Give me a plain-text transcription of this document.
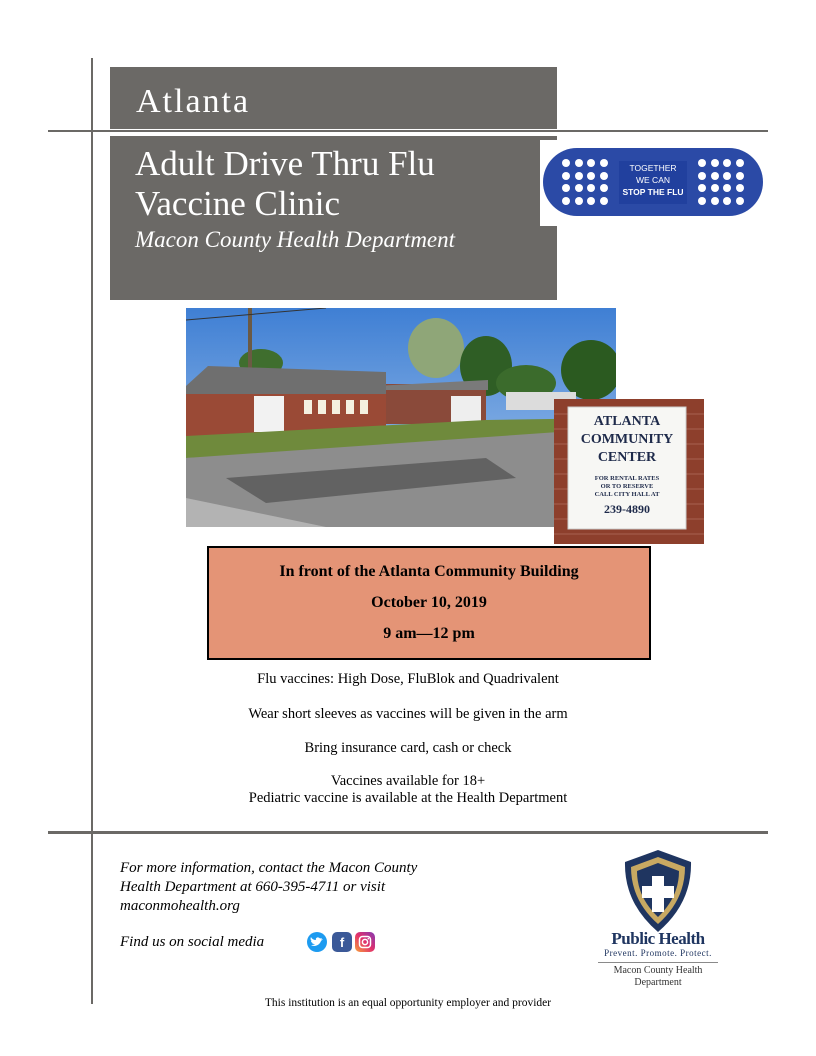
Atlanta
Adult Drive Thru Flu Vaccine Clinic
Macon County Health Department
TOGETHER
WE CAN
STOP THE FLU
ATLANTA
COMMUNITY
CENTER
FOR RENTAL RATES
OR TO RESERVE
CALL CITY HALL AT
239-4890
In front of the Atlanta Community Building
October 10, 2019
9 am—12 pm
Flu vaccines: High Dose, FluBlok and Quadrivalent
Wear short sleeves as vaccines will be given in the arm
Bring insurance card, cash or check
Vaccines available for 18+
Pediatric vaccine is available at the Health Department
For more information, contact the Macon County
Health Department at 660-395-4711 or visit
maconmohealth.org
Find us on social media	f	Public Health
Prevent. Promote. Protect.
Macon County Health
Department
This institution is an equal opportunity employer and provider
